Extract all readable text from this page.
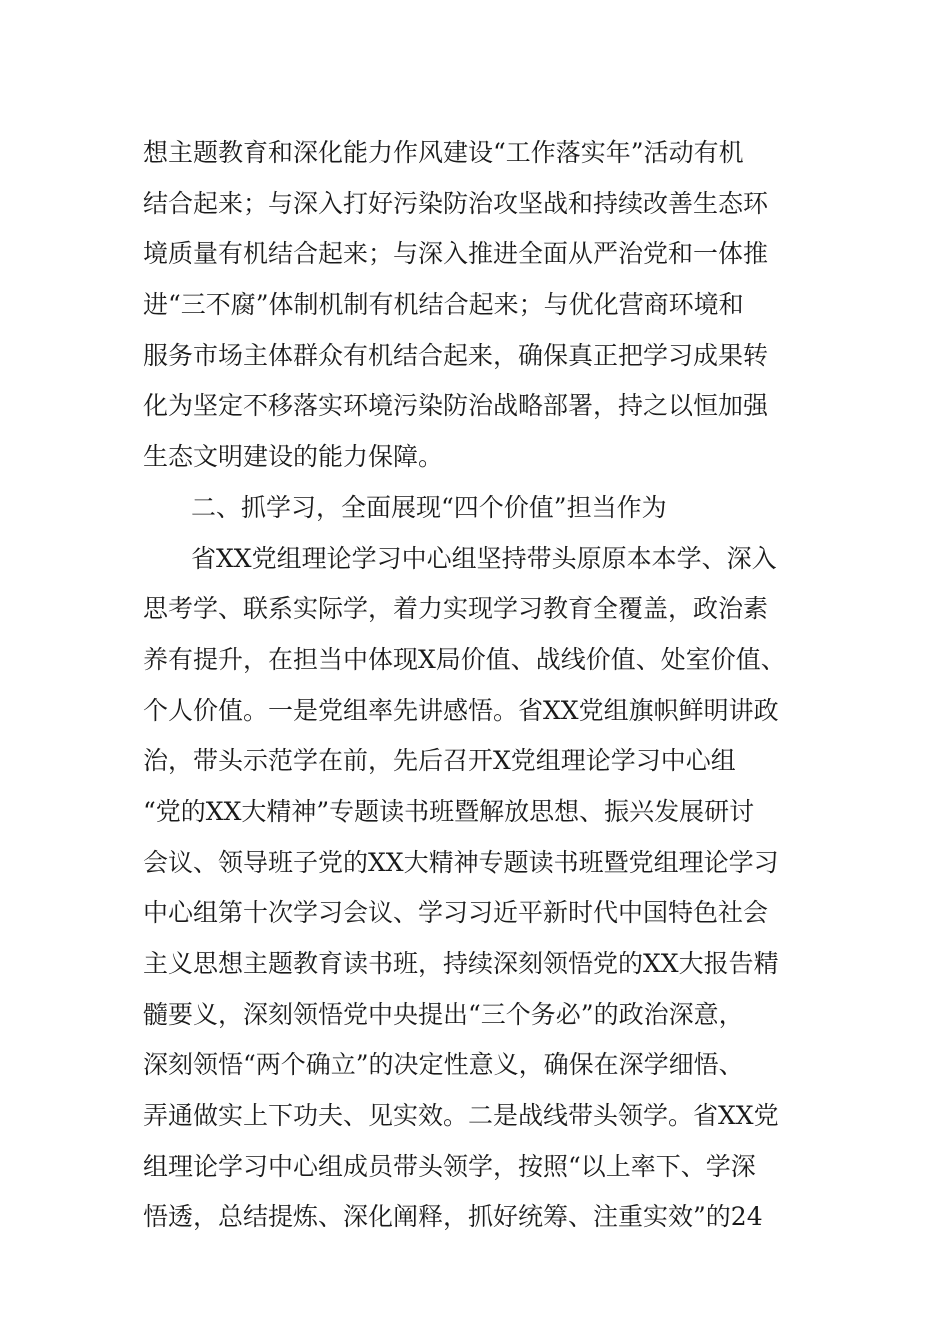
想主题教育和深化能力作风建设“工作落实年”活动有机
结合起来；与深入打好污染防治攻坚战和持续改善生态环
境质量有机结合起来；与深入推进全面从严治党和一体推
进“三不腐”体制机制有机结合起来；与优化营商环境和
服务市场主体群众有机结合起来，确保真正把学习成果转
化为坚定不移落实环境污染防治战略部署，持之以恒加强
生态文明建设的能力保障。
二、抓学习，全面展现“四个价值”担当作为
省XX党组理论学习中心组坚持带头原原本本学、深入
思考学、联系实际学，着力实现学习教育全覆盖，政治素
养有提升，在担当中体现X局价值、战线价值、处室价值、
个人价值。一是党组率先讲感悟。省XX党组旗帜鲜明讲政
治，带头示范学在前，先后召开X党组理论学习中心组
“党的XX大精神”专题读书班暨解放思想、振兴发展研讨
会议、领导班子党的XX大精神专题读书班暨党组理论学习
中心组第十次学习会议、学习习近平新时代中国特色社会
主义思想主题教育读书班，持续深刻领悟党的XX大报告精
髓要义，深刻领悟党中央提出“三个务必”的政治深意，
深刻领悟“两个确立”的决定性意义，确保在深学细悟、
弄通做实上下功夫、见实效。二是战线带头领学。省XX党
组理论学习中心组成员带头领学，按照“以上率下、学深
悟透，总结提炼、深化阐释，抓好统筹、注重实效”的24
